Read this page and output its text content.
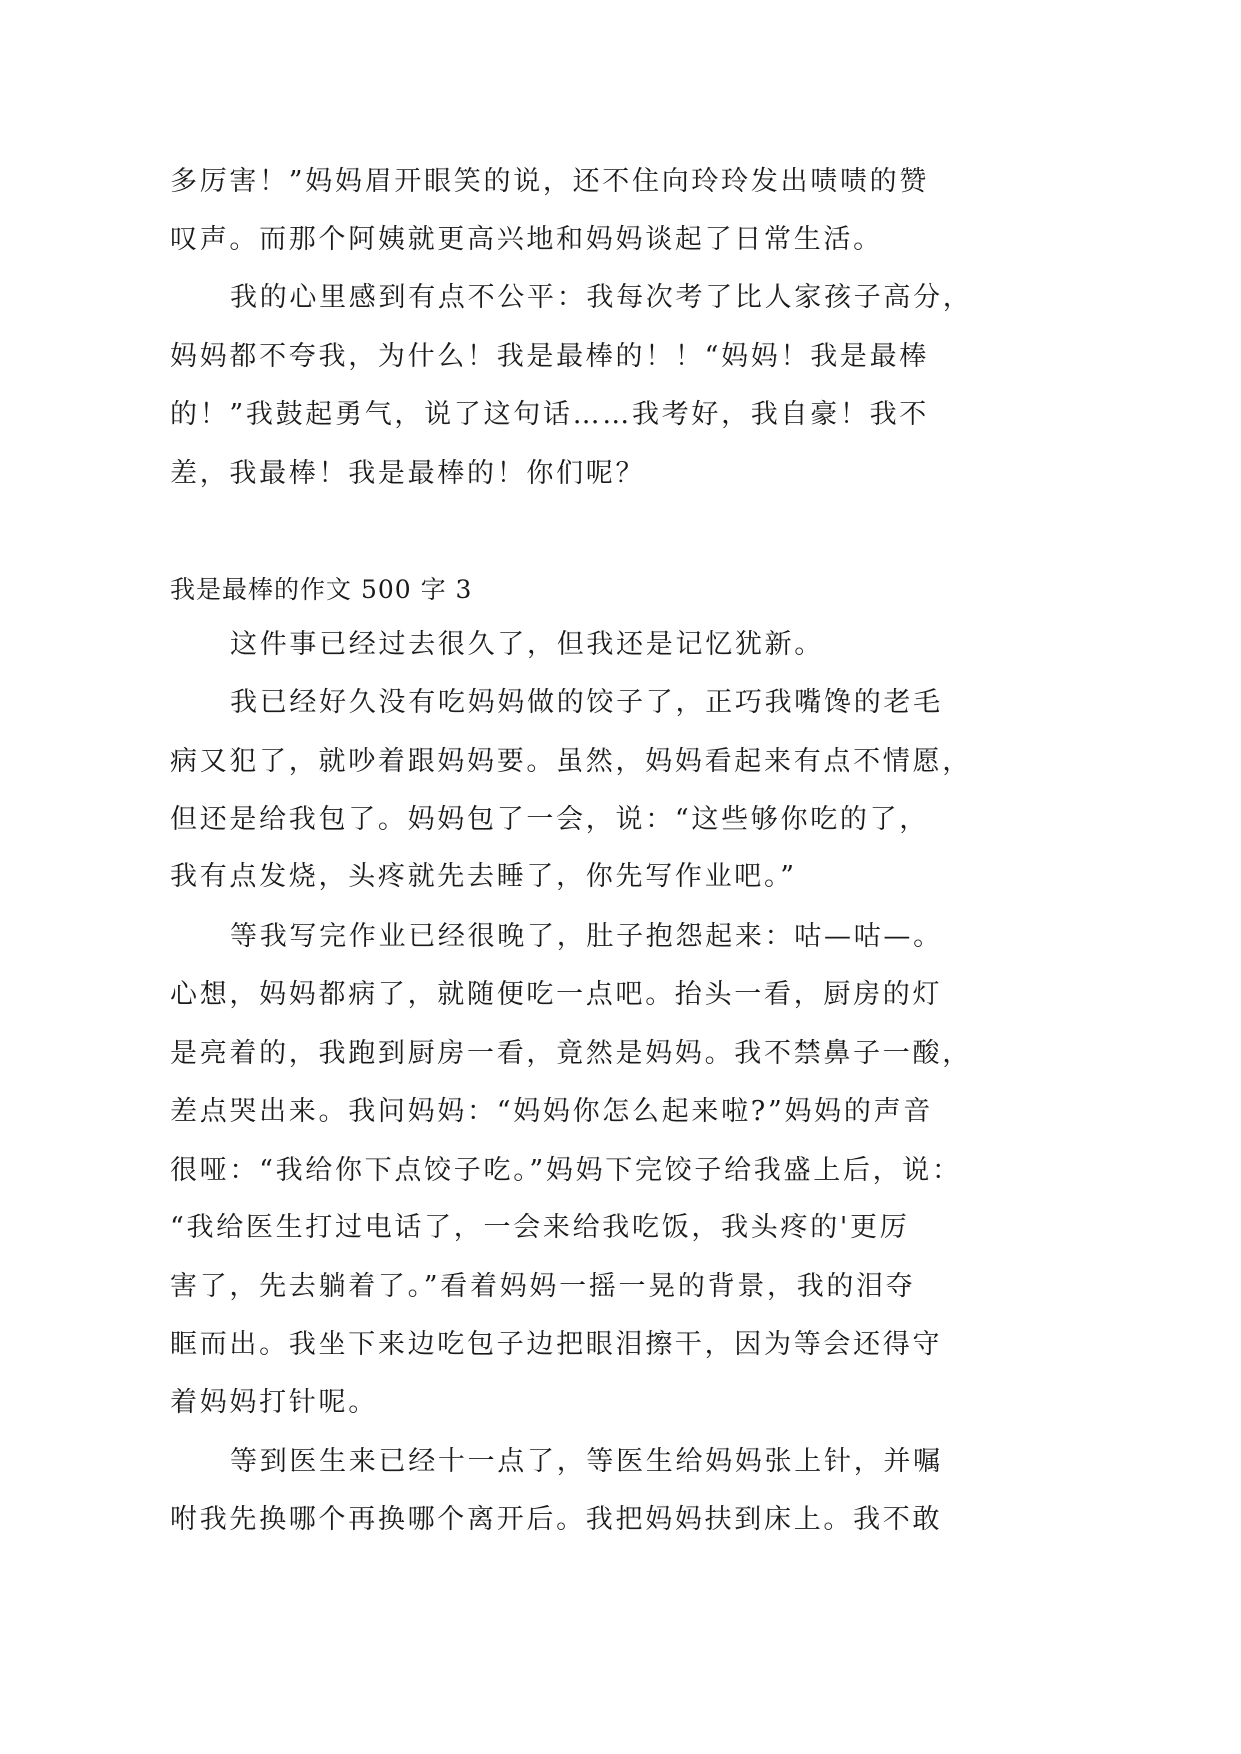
多厉害！”妈妈眉开眼笑的说，还不住向玲玲发出啧啧的赞
叹声。而那个阿姨就更高兴地和妈妈谈起了日常生活。
我的心里感到有点不公平：我每次考了比人家孩子高分，
妈妈都不夸我，为什么！我是最棒的！！“妈妈！我是最棒
的！”我鼓起勇气，说了这句话……我考好，我自豪！我不
差，我最棒！我是最棒的！你们呢？
我是最棒的作文 500 字 3
这件事已经过去很久了，但我还是记忆犹新。
我已经好久没有吃妈妈做的饺子了，正巧我嘴馋的老毛
病又犯了，就吵着跟妈妈要。虽然，妈妈看起来有点不情愿，
但还是给我包了。妈妈包了一会，说：“这些够你吃的了，
我有点发烧，头疼就先去睡了，你先写作业吧。”
等我写完作业已经很晚了，肚子抱怨起来：咕—咕—。
心想，妈妈都病了，就随便吃一点吧。抬头一看，厨房的灯
是亮着的，我跑到厨房一看，竟然是妈妈。我不禁鼻子一酸，
差点哭出来。我问妈妈：“妈妈你怎么起来啦?”妈妈的声音
很哑：“我给你下点饺子吃。”妈妈下完饺子给我盛上后，说：
“我给医生打过电话了，一会来给我吃饭，我头疼的'更厉
害了，先去躺着了。”看着妈妈一摇一晃的背景，我的泪夺
眶而出。我坐下来边吃包子边把眼泪擦干，因为等会还得守
着妈妈打针呢。
等到医生来已经十一点了，等医生给妈妈张上针，并嘱
咐我先换哪个再换哪个离开后。我把妈妈扶到床上。我不敢
